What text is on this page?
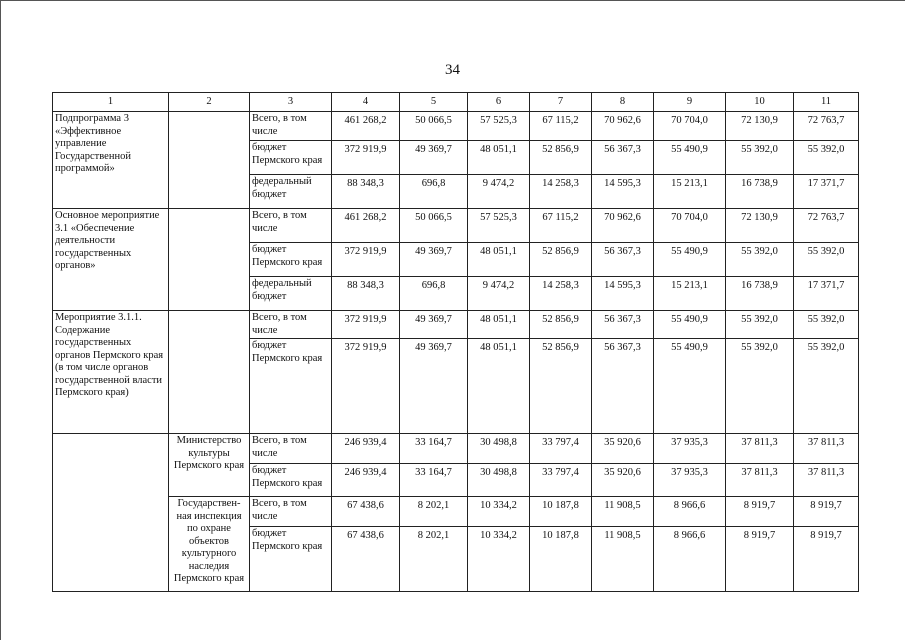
34
1	2	3	4	5	6	7	8	9	10	11
Подпрограмма 3 «Эффективное управление Государственной программой»		Всего, в том числе	461 268,2	50 066,5	57 525,3	67 115,2	70 962,6	70 704,0	72 130,9	72 763,7
		бюджет Пермского края	372 919,9	49 369,7	48 051,1	52 856,9	56 367,3	55 490,9	55 392,0	55 392,0
		федеральный бюджет	88 348,3	696,8	9 474,2	14 258,3	14 595,3	15 213,1	16 738,9	17 371,7
Основное мероприятие 3.1 «Обеспечение деятельности государственных органов»		Всего, в том числе	461 268,2	50 066,5	57 525,3	67 115,2	70 962,6	70 704,0	72 130,9	72 763,7
		бюджет Пермского края	372 919,9	49 369,7	48 051,1	52 856,9	56 367,3	55 490,9	55 392,0	55 392,0
		федеральный бюджет	88 348,3	696,8	9 474,2	14 258,3	14 595,3	15 213,1	16 738,9	17 371,7
Мероприятие 3.1.1. Содержание государственных органов Пермского края (в том числе органов государственной власти Пермского края)		Всего, в том числе	372 919,9	49 369,7	48 051,1	52 856,9	56 367,3	55 490,9	55 392,0	55 392,0
		бюджет Пермского края	372 919,9	49 369,7	48 051,1	52 856,9	56 367,3	55 490,9	55 392,0	55 392,0
	Министерство культуры Пермского края	Всего, в том числе	246 939,4	33 164,7	30 498,8	33 797,4	35 920,6	37 935,3	37 811,3	37 811,3
		бюджет Пермского края	246 939,4	33 164,7	30 498,8	33 797,4	35 920,6	37 935,3	37 811,3	37 811,3
	Государствен-ная инспекция по охране объектов культурного наследия Пермского края	Всего, в том числе	67 438,6	8 202,1	10 334,2	10 187,8	11 908,5	8 966,6	8 919,7	8 919,7
		бюджет Пермского края	67 438,6	8 202,1	10 334,2	10 187,8	11 908,5	8 966,6	8 919,7	8 919,7
